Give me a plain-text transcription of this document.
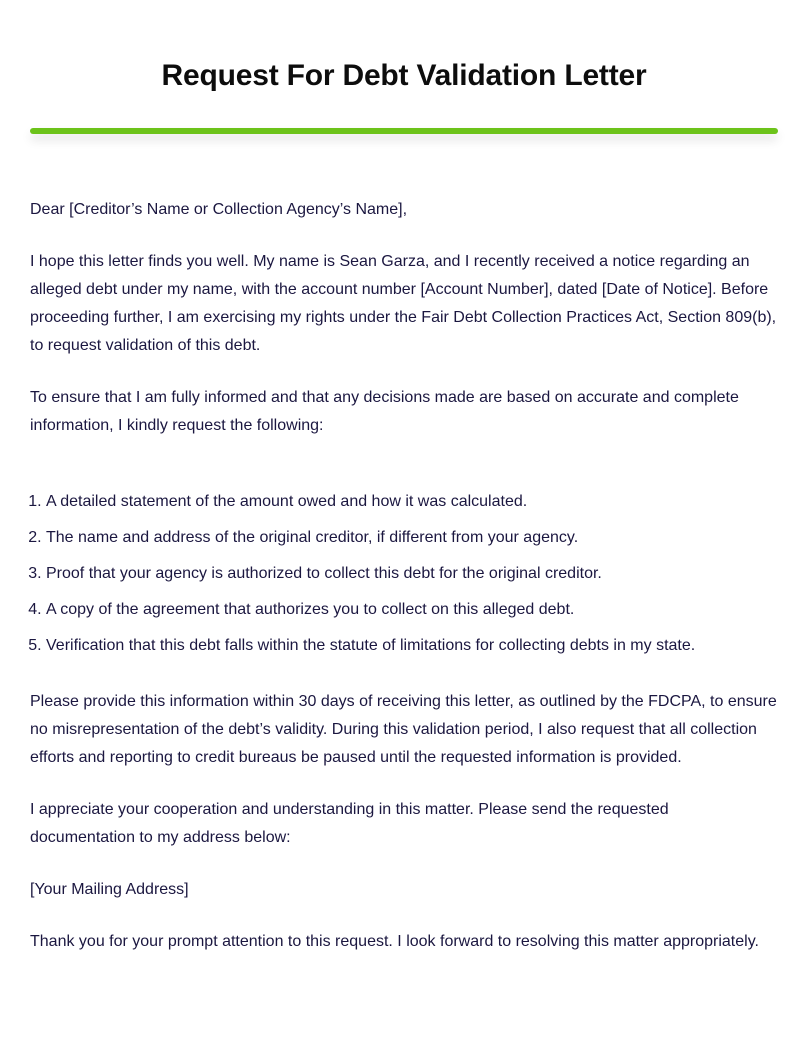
Request For Debt Validation Letter

Dear [Creditor’s Name or Collection Agency’s Name],

I hope this letter finds you well. My name is Sean Garza, and I recently received a notice regarding an alleged debt under my name, with the account number [Account Number], dated [Date of Notice]. Before proceeding further, I am exercising my rights under the Fair Debt Collection Practices Act, Section 809(b), to request validation of this debt.

To ensure that I am fully informed and that any decisions made are based on accurate and complete information, I kindly request the following:

1. A detailed statement of the amount owed and how it was calculated.
2. The name and address of the original creditor, if different from your agency.
3. Proof that your agency is authorized to collect this debt for the original creditor.
4. A copy of the agreement that authorizes you to collect on this alleged debt.
5. Verification that this debt falls within the statute of limitations for collecting debts in my state.

Please provide this information within 30 days of receiving this letter, as outlined by the FDCPA, to ensure no misrepresentation of the debt’s validity. During this validation period, I also request that all collection efforts and reporting to credit bureaus be paused until the requested information is provided.

I appreciate your cooperation and understanding in this matter. Please send the requested documentation to my address below:

[Your Mailing Address]

Thank you for your prompt attention to this request. I look forward to resolving this matter appropriately.
